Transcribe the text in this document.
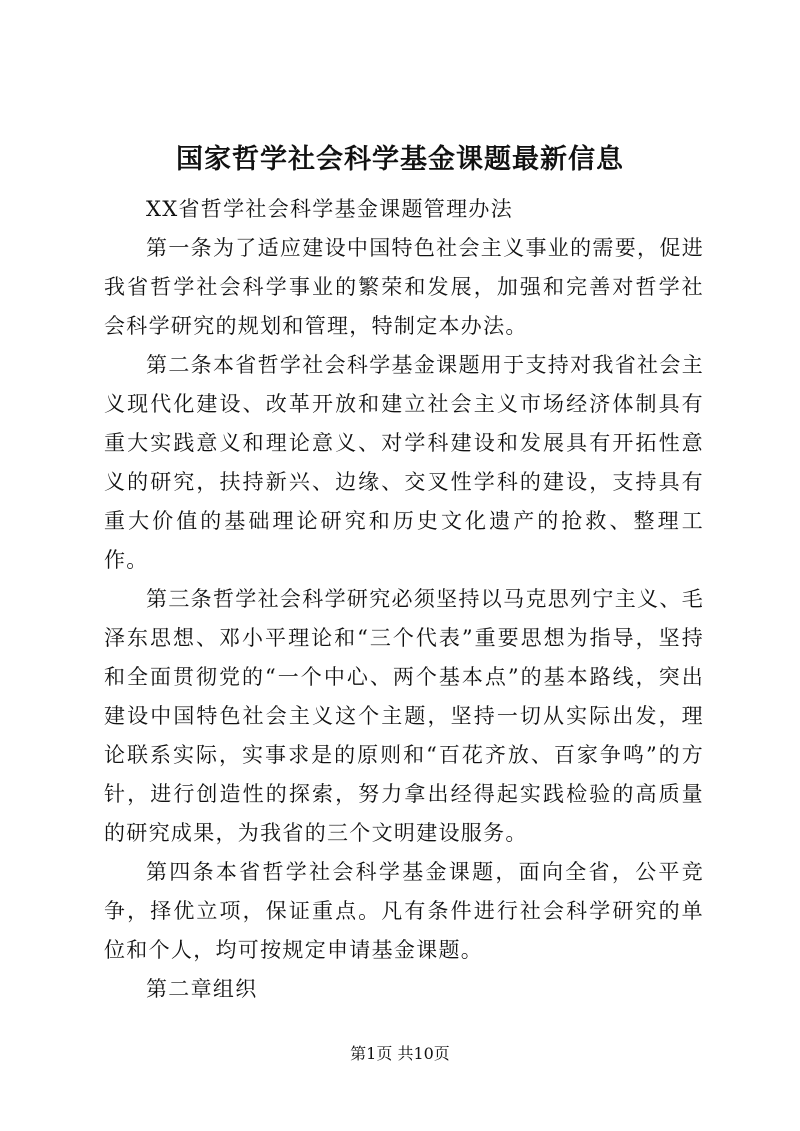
国家哲学社会科学基金课题最新信息

XX省哲学社会科学基金课题管理办法

第一条为了适应建设中国特色社会主义事业的需要，促进我省哲学社会科学事业的繁荣和发展，加强和完善对哲学社会科学研究的规划和管理，特制定本办法。

第二条本省哲学社会科学基金课题用于支持对我省社会主义现代化建设、改革开放和建立社会主义市场经济体制具有重大实践意义和理论意义、对学科建设和发展具有开拓性意义的研究，扶持新兴、边缘、交叉性学科的建设，支持具有重大价值的基础理论研究和历史文化遗产的抢救、整理工作。

第三条哲学社会科学研究必须坚持以马克思列宁主义、毛泽东思想、邓小平理论和“三个代表”重要思想为指导，坚持和全面贯彻党的“一个中心、两个基本点”的基本路线，突出建设中国特色社会主义这个主题，坚持一切从实际出发，理论联系实际，实事求是的原则和“百花齐放、百家争鸣”的方针，进行创造性的探索，努力拿出经得起实践检验的高质量的研究成果，为我省的三个文明建设服务。

第四条本省哲学社会科学基金课题，面向全省，公平竞争，择优立项，保证重点。凡有条件进行社会科学研究的单位和个人，均可按规定申请基金课题。

第二章组织

第1页 共10页
